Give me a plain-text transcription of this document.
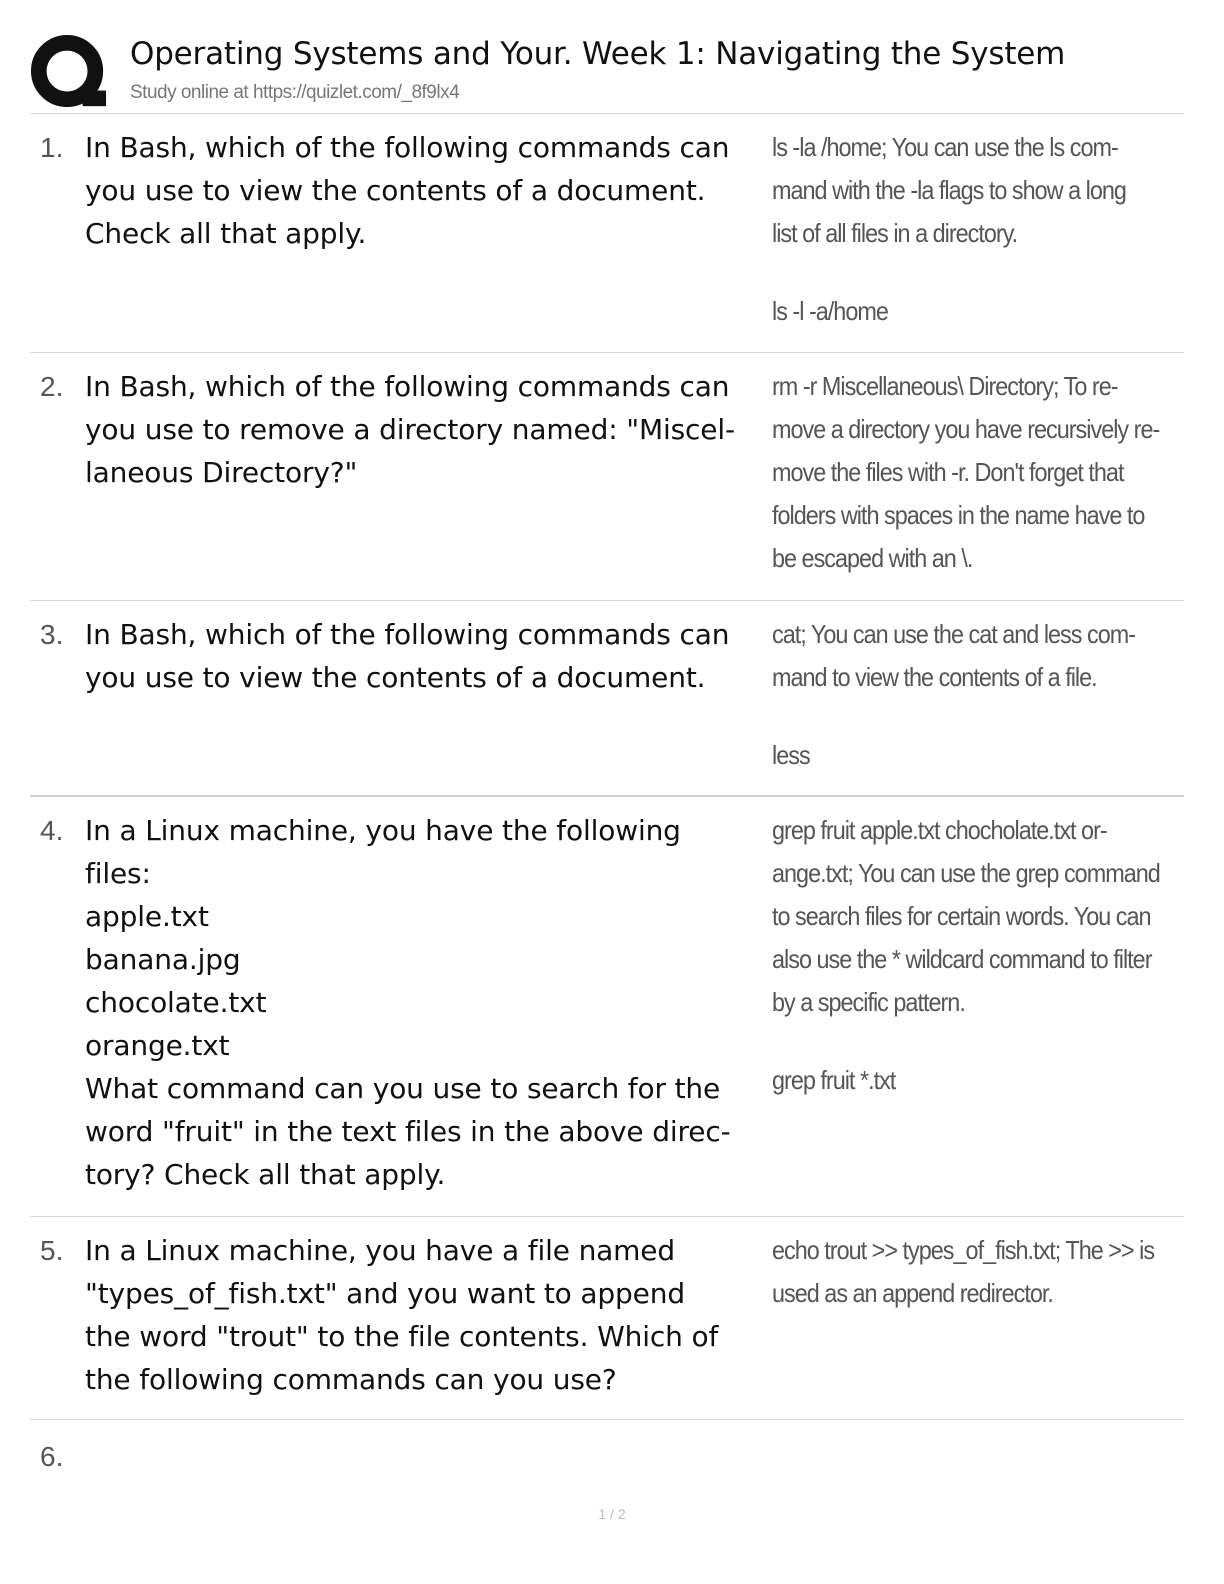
Operating Systems and Your. Week 1: Navigating the System
Study online at https://quizlet.com/_8f9lx4
1. In Bash, which of the following commands can
you use to view the contents of a document.
Check all that apply.
ls -la /home; You can use the ls com-
mand with the -la flags to show a long
list of all files in a directory.
ls -l -a/home
2. In Bash, which of the following commands can
you use to remove a directory named: "Miscel-
laneous Directory?"
rm -r Miscellaneous\ Directory; To re-
move a directory you have recursively re-
move the files with -r. Don't forget that
folders with spaces in the name have to
be escaped with an \.
3. In Bash, which of the following commands can
you use to view the contents of a document.
cat; You can use the cat and less com-
mand to view the contents of a file.
less
4. In a Linux machine, you have the following
files:
apple.txt
banana.jpg
chocolate.txt
orange.txt
What command can you use to search for the
word "fruit" in the text files in the above direc-
tory? Check all that apply.
grep fruit apple.txt chocholate.txt or-
ange.txt; You can use the grep command
to search files for certain words. You can
also use the * wildcard command to filter
by a specific pattern.
grep fruit *.txt
5. In a Linux machine, you have a file named
"types_of_fish.txt" and you want to append
the word "trout" to the file contents. Which of
the following commands can you use?
echo trout >> types_of_fish.txt; The >> is
used as an append redirector.
6.
1 / 2
